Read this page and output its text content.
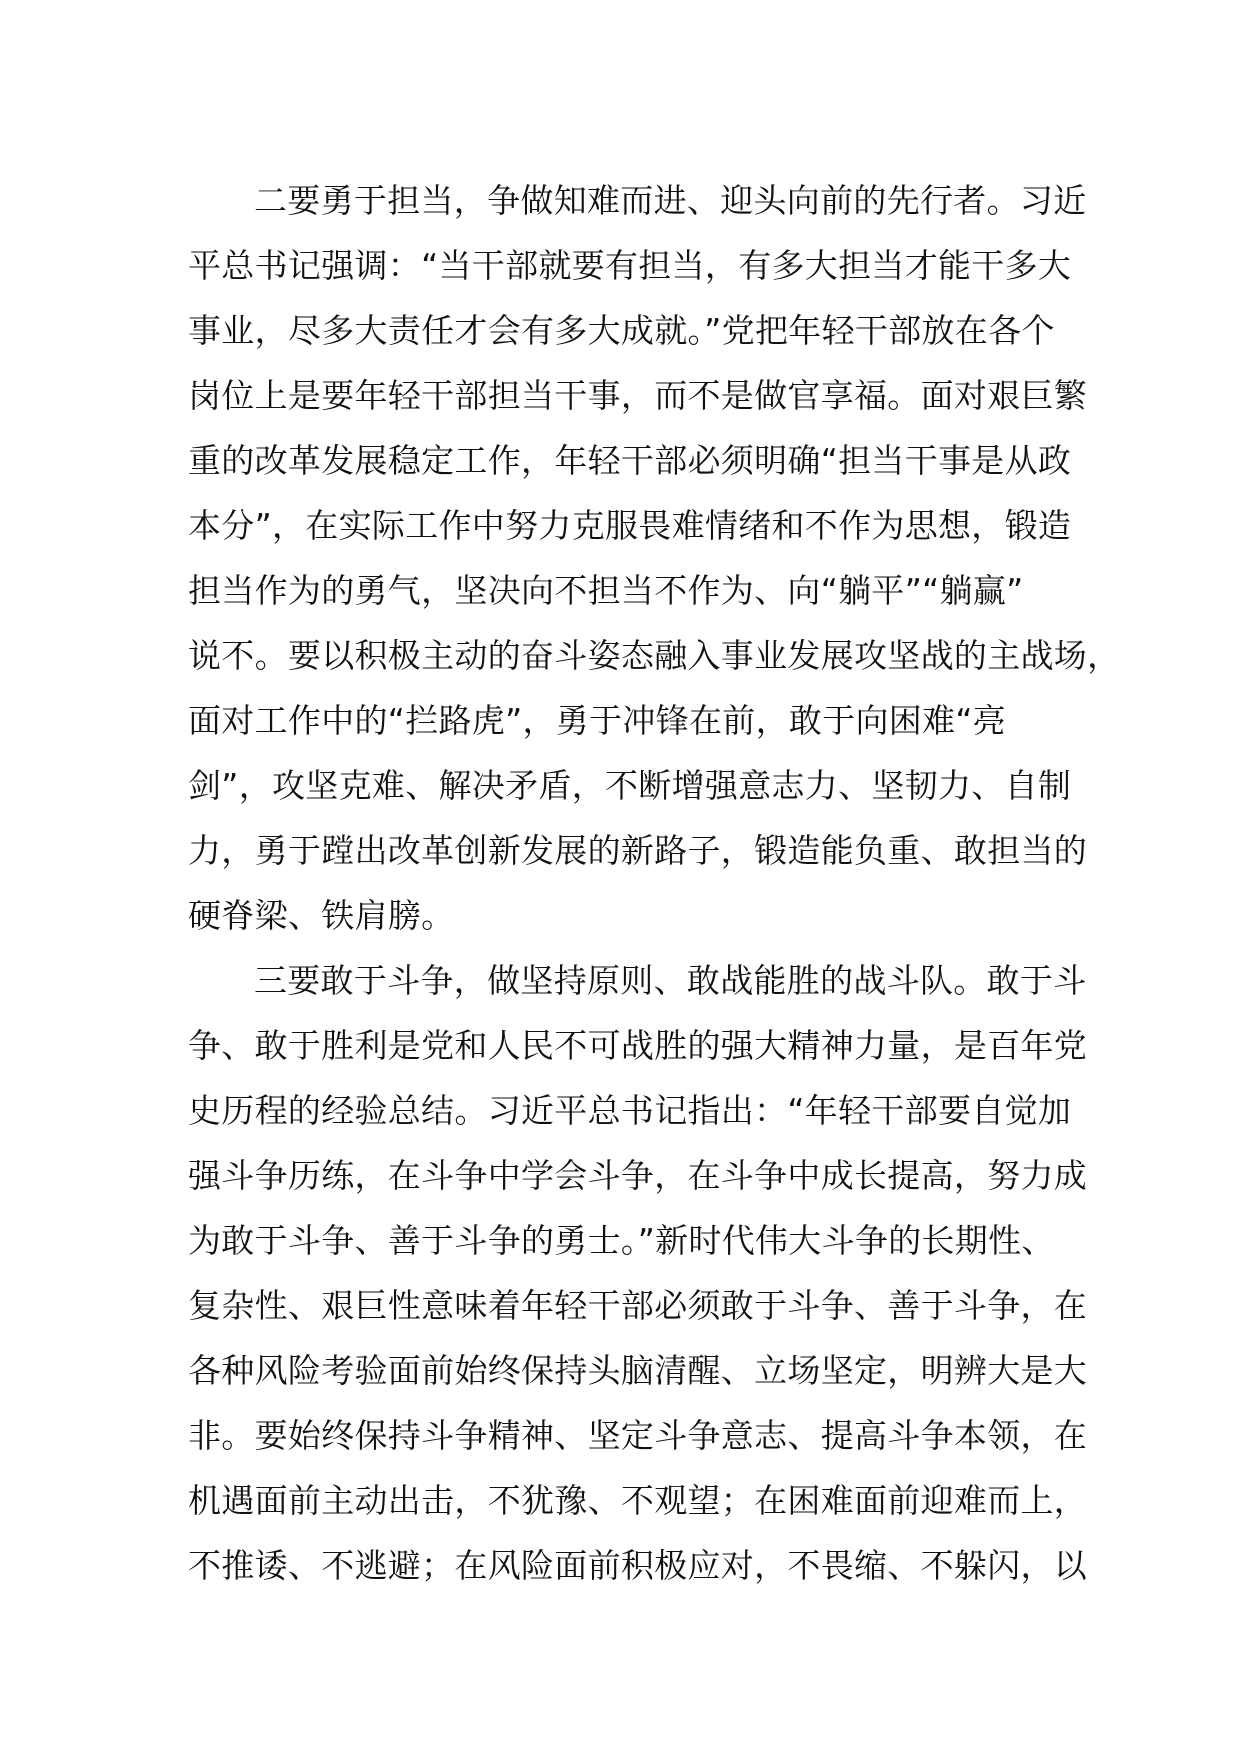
二要勇于担当，争做知难而进、迎头向前的先行者。习近
平总书记强调：“当干部就要有担当，有多大担当才能干多大
事业，尽多大责任才会有多大成就。”党把年轻干部放在各个
岗位上是要年轻干部担当干事，而不是做官享福。面对艰巨繁
重的改革发展稳定工作，年轻干部必须明确“担当干事是从政
本分”，在实际工作中努力克服畏难情绪和不作为思想，锻造
担当作为的勇气，坚决向不担当不作为、向“躺平”“躺赢”
说不。要以积极主动的奋斗姿态融入事业发展攻坚战的主战场，
面对工作中的“拦路虎”，勇于冲锋在前，敢于向困难“亮
剑”，攻坚克难、解决矛盾，不断增强意志力、坚韧力、自制
力，勇于蹚出改革创新发展的新路子，锻造能负重、敢担当的
硬脊梁、铁肩膀。
三要敢于斗争，做坚持原则、敢战能胜的战斗队。敢于斗
争、敢于胜利是党和人民不可战胜的强大精神力量，是百年党
史历程的经验总结。习近平总书记指出：“年轻干部要自觉加
强斗争历练，在斗争中学会斗争，在斗争中成长提高，努力成
为敢于斗争、善于斗争的勇士。”新时代伟大斗争的长期性、
复杂性、艰巨性意味着年轻干部必须敢于斗争、善于斗争，在
各种风险考验面前始终保持头脑清醒、立场坚定，明辨大是大
非。要始终保持斗争精神、坚定斗争意志、提高斗争本领，在
机遇面前主动出击，不犹豫、不观望；在困难面前迎难而上，
不推诿、不逃避；在风险面前积极应对，不畏缩、不躲闪，以
